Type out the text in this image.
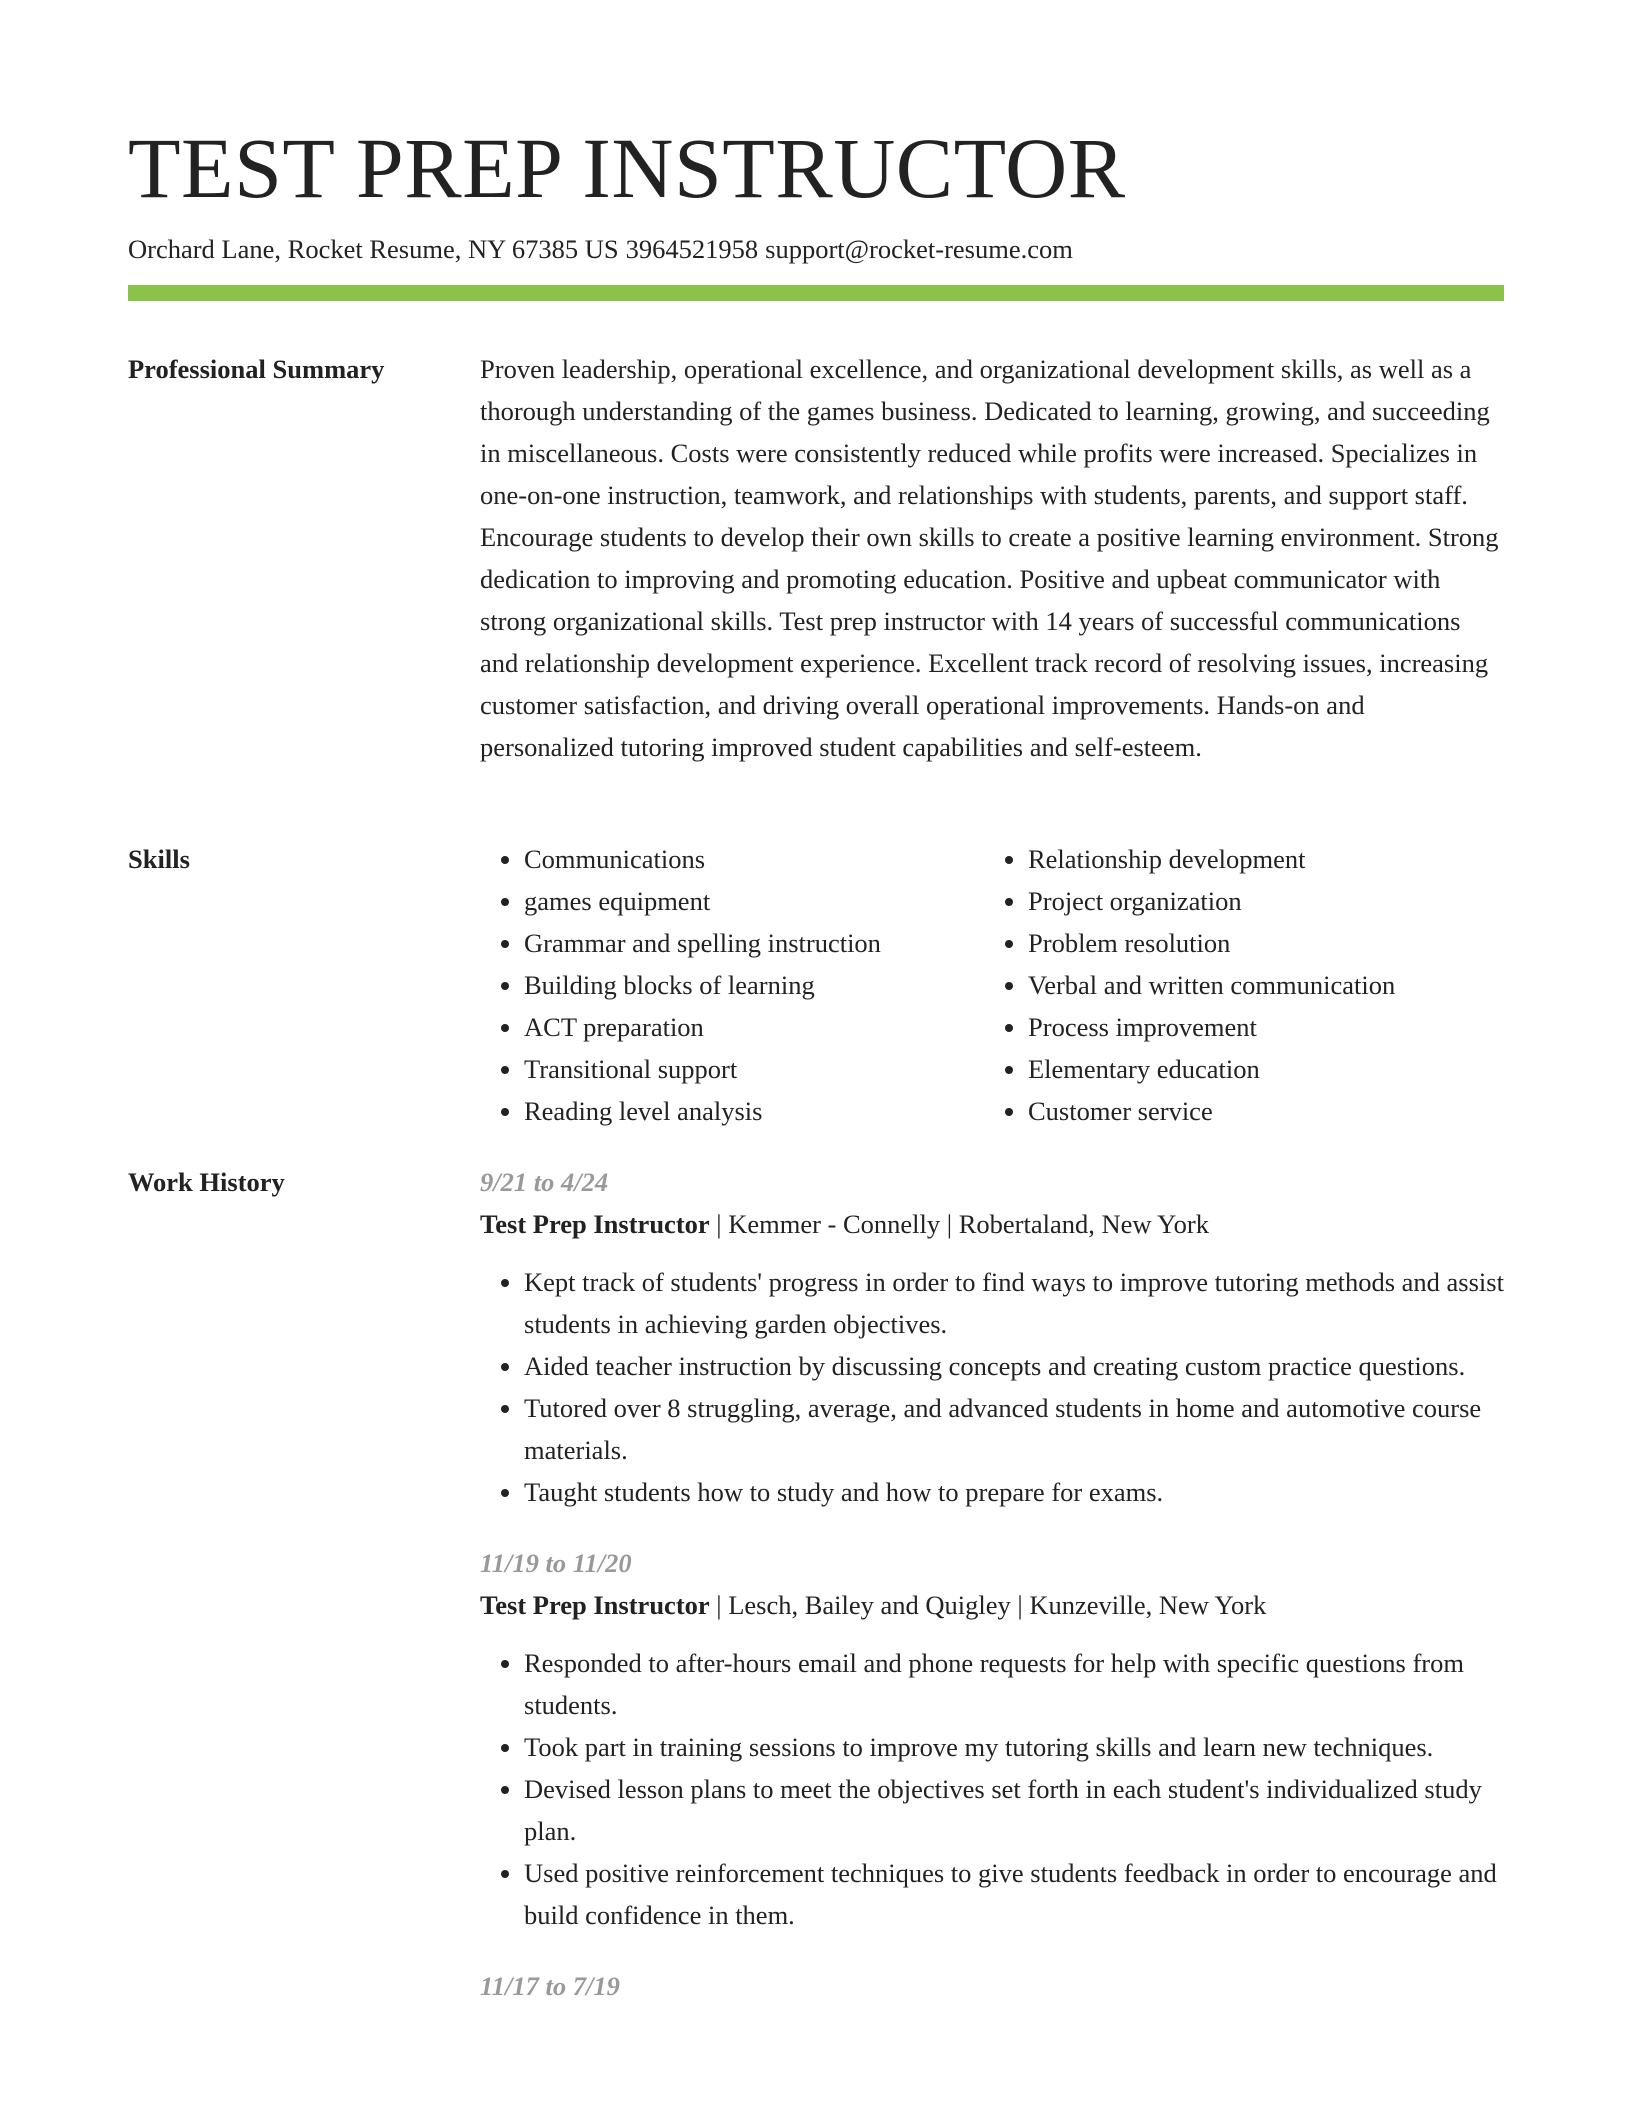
TEST PREP INSTRUCTOR
Orchard Lane, Rocket Resume, NY 67385 US 3964521958 support@rocket-resume.com
Professional Summary	Proven leadership, operational excellence, and organizational development skills, as well as a thorough understanding of the games business. Dedicated to learning, growing, and succeeding in miscellaneous. Costs were consistently reduced while profits were increased. Specializes in one-on-one instruction, teamwork, and relationships with students, parents, and support staff. Encourage students to develop their own skills to create a positive learning environment. Strong dedication to improving and promoting education. Positive and upbeat communicator with strong organizational skills. Test prep instructor with 14 years of successful communications and relationship development experience. Excellent track record of resolving issues, increasing customer satisfaction, and driving overall operational improvements. Hands-on and personalized tutoring improved student capabilities and self-esteem.

Skills
•	Communications
• games equipment
• Grammar and spelling instruction
• Building blocks of learning
• ACT preparation
• Transitional support
• Reading level analysis
• Relationship development
• Project organization
• Problem resolution
• Verbal and written communication
• Process improvement
• Elementary education
• Customer service
Work History	9/21 to 4/24
Test Prep Instructor | Kemmer - Connelly | Robertaland, New York
• Kept track of students' progress in order to find ways to improve tutoring methods and assist students in achieving garden objectives.
• Aided teacher instruction by discussing concepts and creating custom practice questions.
• Tutored over 8 struggling, average, and advanced students in home and automotive course materials.
• Taught students how to study and how to prepare for exams.
11/19 to 11/20
Test Prep Instructor | Lesch, Bailey and Quigley | Kunzeville, New York
• Responded to after-hours email and phone requests for help with specific questions from students.
• Took part in training sessions to improve my tutoring skills and learn new techniques.
• Devised lesson plans to meet the objectives set forth in each student's individualized study plan.
• Used positive reinforcement techniques to give students feedback in order to encourage and build confidence in them.
11/17 to 7/19
